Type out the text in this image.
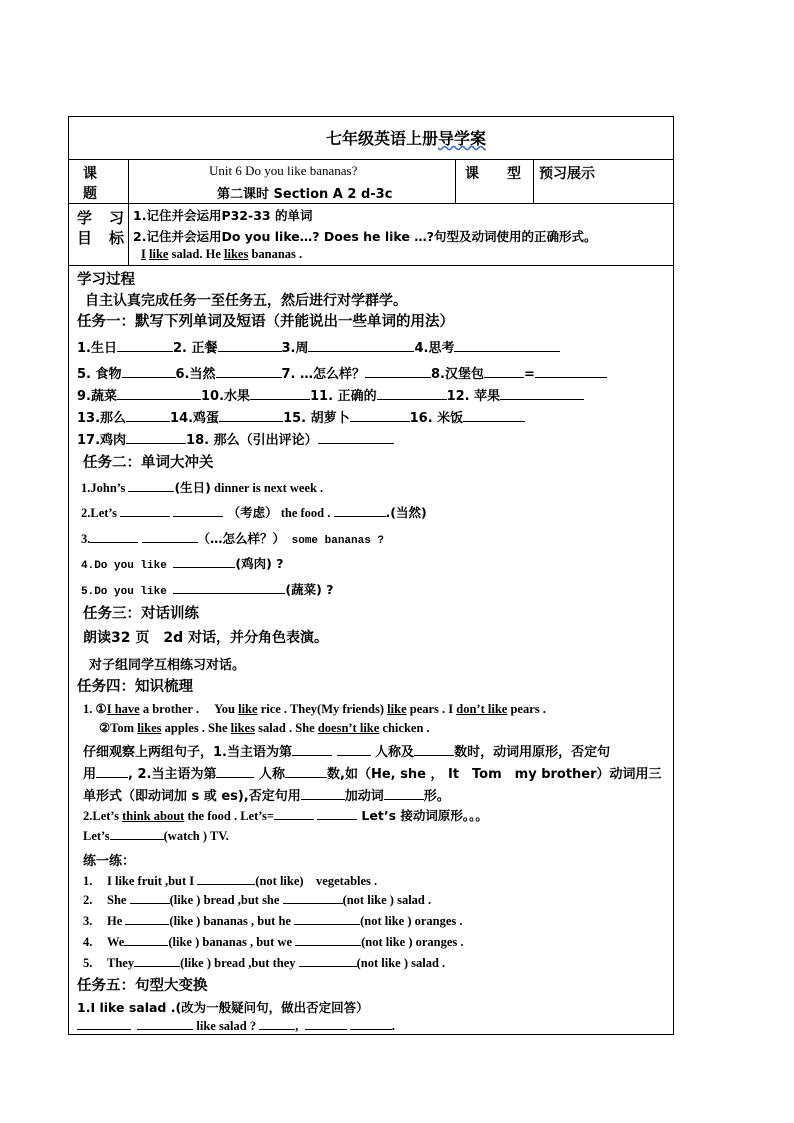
七年级英语上册导学案
课
题
Unit 6 Do you like bananas?
第二课时 Section A 2 d-3c
课　　型 预习展示
学　习
目　标
1.记住并会运用P32-33 的单词
2.记住并会运用Do you like…? Does he like …?句型及动词使用的正确形式。
I like salad. He likes bananas .
学习过程
自主认真完成任务一至任务五，然后进行对学群学。
任务一：默写下列单词及短语（并能说出一些单词的用法）
1.生日	2. 正餐	3.周	4.思考
5. 食物	6.当然	7. …怎么样？	8.汉堡包	=
9.蔬菜	10.水果	11. 正确的	12. 苹果
13.那么	14.鸡蛋	15. 胡萝卜	16. 米饭
17.鸡肉	18. 那么（引出评论）
任务二：单词大冲关
1.John’s	(生日) dinner is next week .
2.Let’s	（考虑） the food .	.(当然)
3.	（…怎么样？） some bananas ?
4.Do you like	(鸡肉) ?
5.Do you like	(蔬菜) ?
任务三：对话训练
朗读32 页　2d 对话，并分角色表演。
对子组同学互相练习对话。
任务四：知识梳理
1. ①I have a brother .　 You like rice . They(My friends) like pears . I don’t like pears .
②Tom likes apples . She likes salad . She doesn’t like chicken .
仔细观察上两组句子，1.当主语为第	人称及	数时，动词用原形，否定句
用 , 2.当主语为第	人称	数,如（He, she ， It　Tom　my brother）动词用三
单形式（即动词加 s 或 es),否定句用	加动词	形。
2.Let’s think about the food . Let’s=	Let’s 接动词原形。。。
Let’s	(watch ) TV.
练一练：
1. I like fruit ,but I	(not like)　vegetables .
2. She	(like ) bread ,but she	(not like ) salad .
3. He	(like ) bananas , but he	(not like ) oranges .
4. We	(like ) bananas , but we	(not like ) oranges .
5. They	(like ) bread ,but they	(not like ) salad .
任务五：句型大变换
1.I like salad .(改为一般疑问句，做出否定回答）
like salad ?	,	.
